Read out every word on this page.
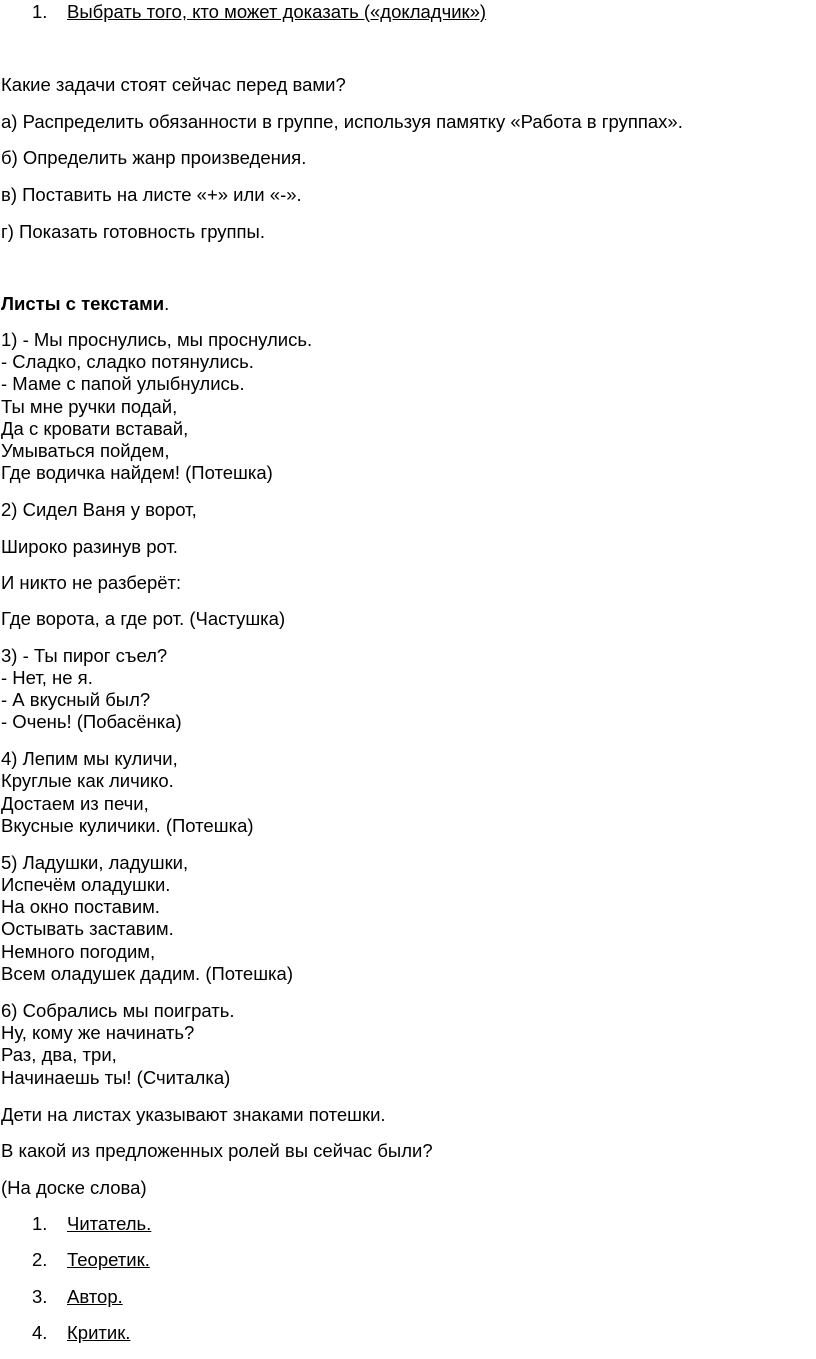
1. Выбрать того, кто может доказать («докладчик»)
Какие задачи стоят сейчас перед вами?
а) Распределить обязанности в группе, используя памятку «Работа в группах».
б) Определить жанр произведения.
в) Поставить на листе «+» или «-».
г) Показать готовность группы.
Листы с текстами.
1) - Мы проснулись, мы проснулись.
- Сладко, сладко потянулись.
- Маме с папой улыбнулись.
Ты мне ручки подай,
Да с кровати вставай,
Умываться пойдем,
Где водичка найдем! (Потешка)
2) Сидел Ваня у ворот,
Широко разинув рот.
И никто не разберёт:
Где ворота, а где рот. (Частушка)
3) - Ты пирог съел?
- Нет, не я.
- А вкусный был?
- Очень! (Побасёнка)
4) Лепим мы куличи,
Круглые как личико.
Достаем из печи,
Вкусные куличики. (Потешка)
5) Ладушки, ладушки,
Испечём оладушки.
На окно поставим.
Остывать заставим.
Немного погодим,
Всем оладушек дадим. (Потешка)
6) Собрались мы поиграть.
Ну, кому же начинать?
Раз, два, три,
Начинаешь ты! (Считалка)
Дети на листах указывают знаками потешки.
В какой из предложенных ролей вы сейчас были?
(На доске слова)
1. Читатель.
2. Теоретик.
3. Автор.
4. Критик.
